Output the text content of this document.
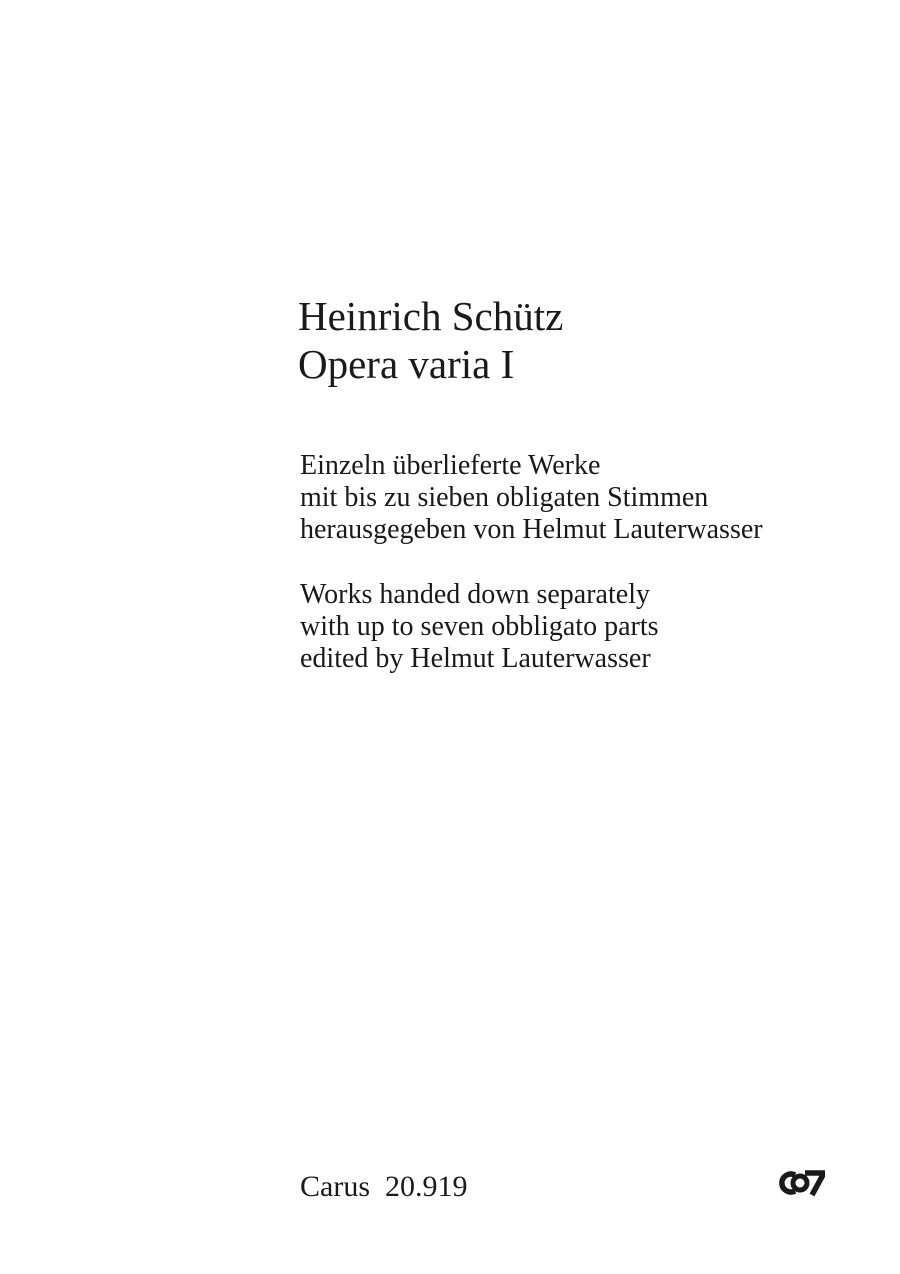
Heinrich Schütz
Opera varia I
Einzeln überlieferte Werke
mit bis zu sieben obligaten Stimmen
herausgegeben von Helmut Lauterwasser
Works handed down separately
with up to seven obbligato parts
edited by Helmut Lauterwasser
Carus  20.919
